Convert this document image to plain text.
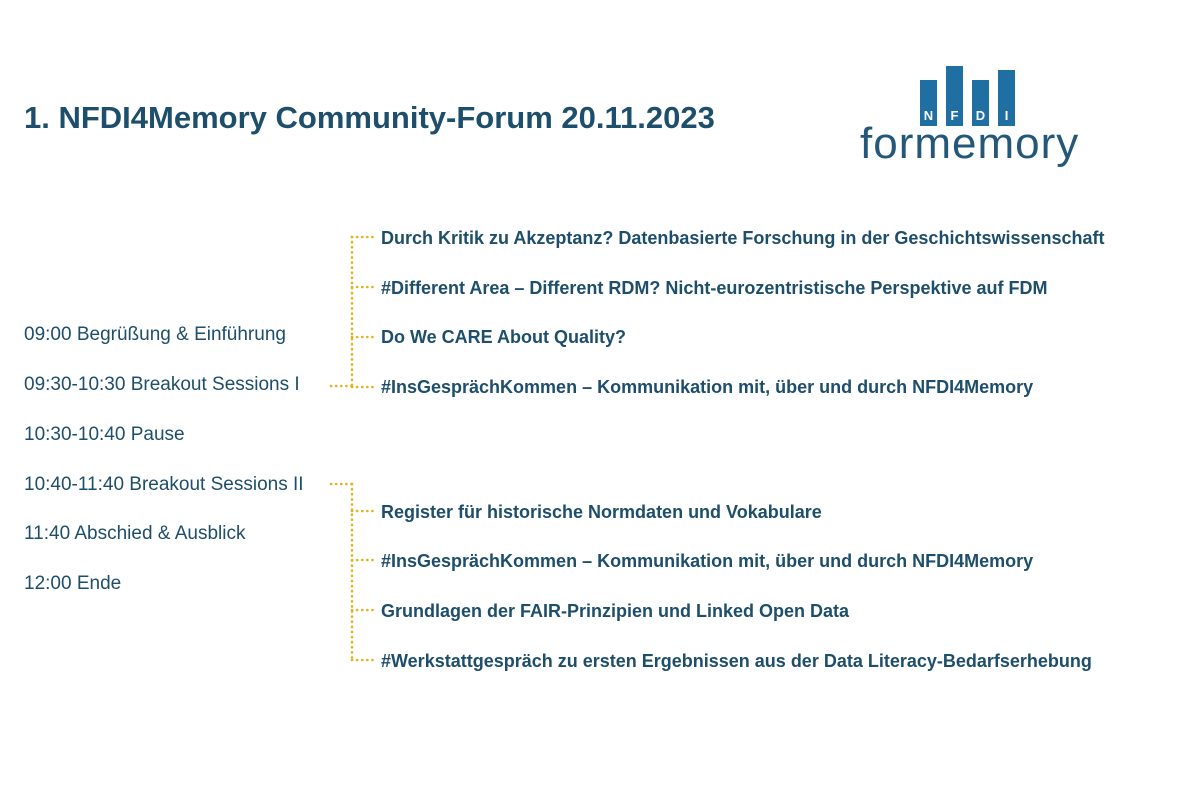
1. NFDI4Memory Community-Forum 20.11.2023	N	F	D	I
formemory
09:00 Begrüßung & Einführung
09:30-10:30 Breakout Sessions I
10:30-10:40 Pause
10:40-11:40 Breakout Sessions II
11:40 Abschied & Ausblick
12:00 Ende
Durch Kritik zu Akzeptanz? Datenbasierte Forschung in der Geschichtswissenschaft
#Different Area – Different RDM? Nicht-eurozentristische Perspektive auf FDM
Do We CARE About Quality?
#InsGesprächKommen – Kommunikation mit, über und durch NFDI4Memory
Register für historische Normdaten und Vokabulare
#InsGesprächKommen – Kommunikation mit, über und durch NFDI4Memory
Grundlagen der FAIR-Prinzipien und Linked Open Data
#Werkstattgespräch zu ersten Ergebnissen aus der Data Literacy-Bedarfserhebung
